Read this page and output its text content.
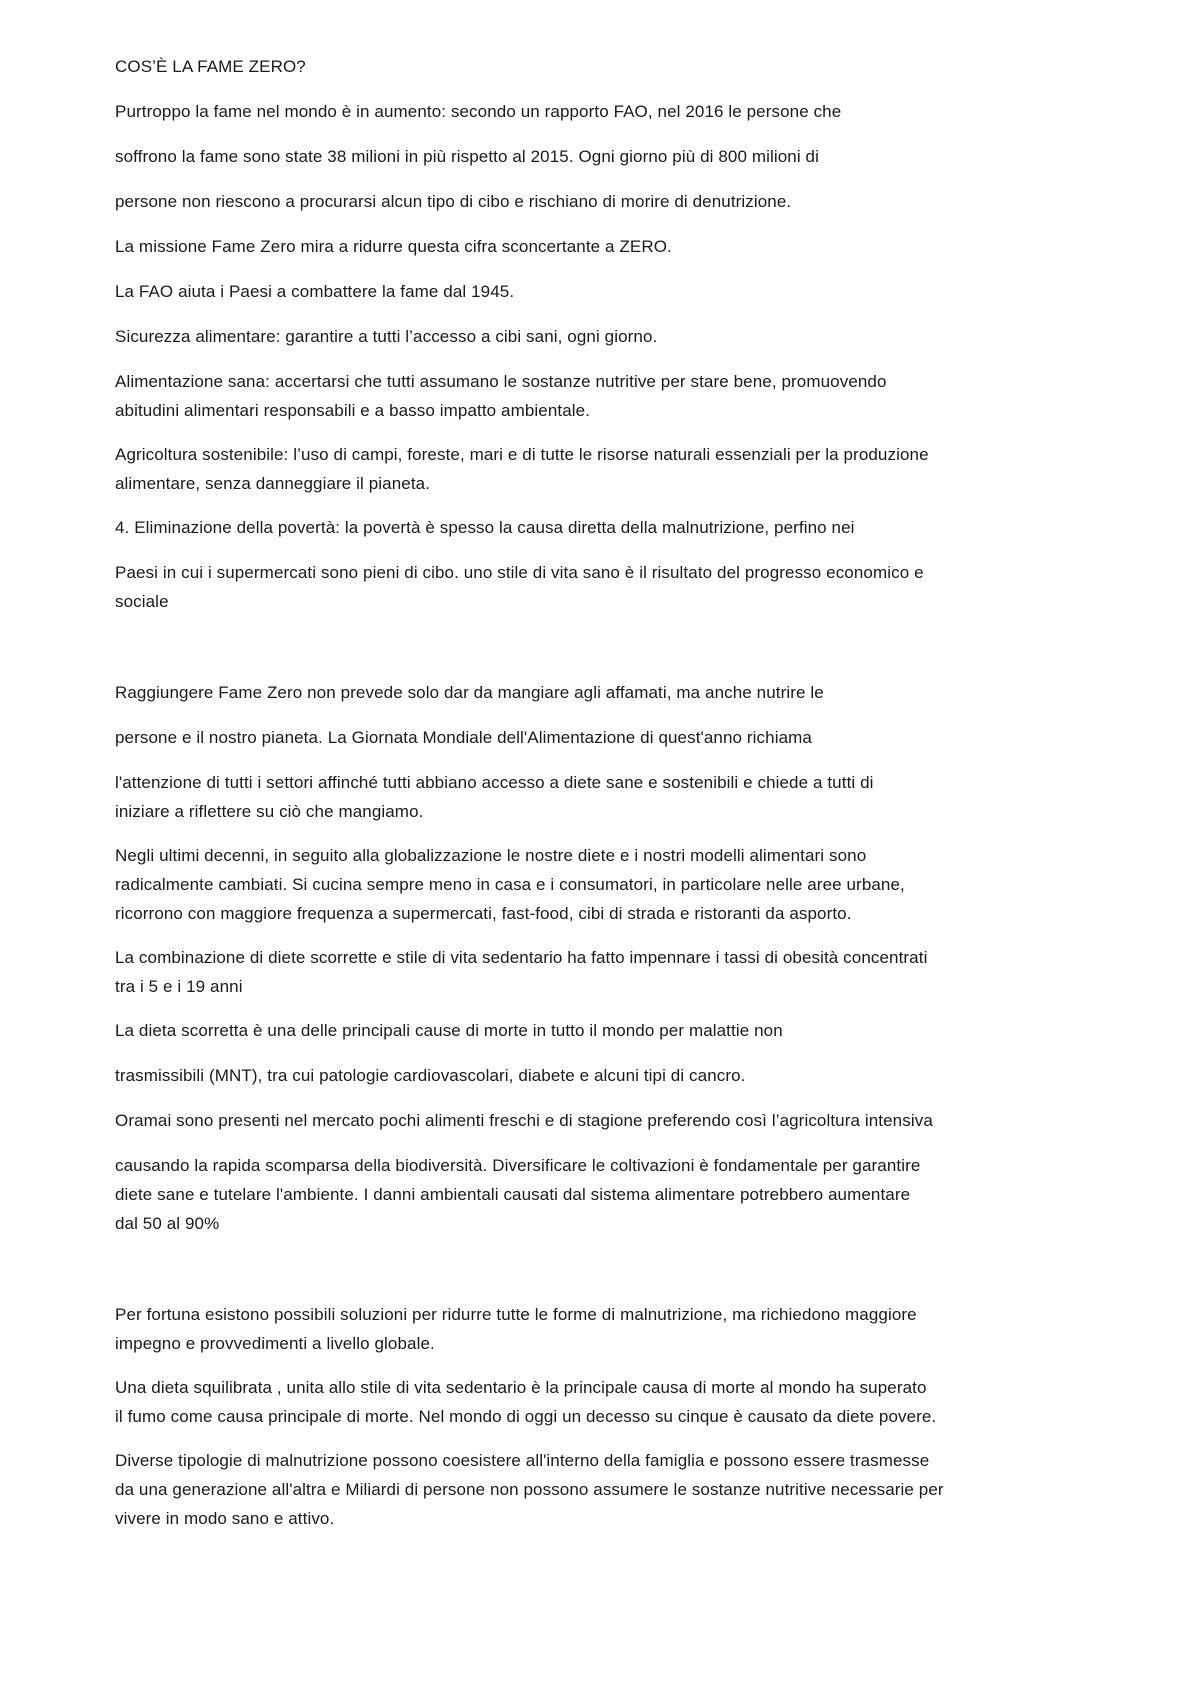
COS’È LA FAME ZERO?

Purtroppo la fame nel mondo è in aumento: secondo un rapporto FAO, nel 2016 le persone che

soffrono la fame sono state 38 milioni in più rispetto al 2015. Ogni giorno più di 800 milioni di

persone non riescono a procurarsi alcun tipo di cibo e rischiano di morire di denutrizione.

La missione Fame Zero mira a ridurre questa cifra sconcertante a ZERO.

La FAO aiuta i Paesi a combattere la fame dal 1945.

Sicurezza alimentare: garantire a tutti l’accesso a cibi sani, ogni giorno.

Alimentazione sana: accertarsi che tutti assumano le sostanze nutritive per stare bene, promuovendo

abitudini alimentari responsabili e a basso impatto ambientale.

Agricoltura sostenibile: l’uso di campi, foreste, mari e di tutte le risorse naturali essenziali per la produzione

alimentare, senza danneggiare il pianeta.

4. Eliminazione della povertà: la povertà è spesso la causa diretta della malnutrizione, perfino nei

Paesi in cui i supermercati sono pieni di cibo. uno stile di vita sano è il risultato del progresso economico e

sociale

Raggiungere Fame Zero non prevede solo dar da mangiare agli affamati, ma anche nutrire le

persone e il nostro pianeta. La Giornata Mondiale dell'Alimentazione di quest'anno richiama

l'attenzione di tutti i settori affinché tutti abbiano accesso a diete sane e sostenibili e chiede a tutti di

iniziare a riflettere su ciò che mangiamo.

Negli ultimi decenni, in seguito alla globalizzazione le nostre diete e i nostri modelli alimentari sono

radicalmente cambiati. Si cucina sempre meno in casa e i consumatori, in particolare nelle aree urbane,

ricorrono con maggiore frequenza a supermercati, fast-food, cibi di strada e ristoranti da asporto.

La combinazione di diete scorrette e stile di vita sedentario ha fatto impennare i tassi di obesità concentrati

tra i 5 e i 19 anni

La dieta scorretta è una delle principali cause di morte in tutto il mondo per malattie non

trasmissibili (MNT), tra cui patologie cardiovascolari, diabete e alcuni tipi di cancro.

Oramai sono presenti nel mercato pochi alimenti freschi e di stagione preferendo così l’agricoltura intensiva

causando la rapida scomparsa della biodiversità. Diversificare le coltivazioni è fondamentale per garantire

diete sane e tutelare l'ambiente. I danni ambientali causati dal sistema alimentare potrebbero aumentare

dal 50 al 90%

Per fortuna esistono possibili soluzioni per ridurre tutte le forme di malnutrizione, ma richiedono maggiore

impegno e provvedimenti a livello globale.

Una dieta squilibrata , unita allo stile di vita sedentario è la principale causa di morte al mondo ha superato

il fumo come causa principale di morte. Nel mondo di oggi un decesso su cinque è causato da diete povere.

Diverse tipologie di malnutrizione possono coesistere all'interno della famiglia e possono essere trasmesse

da una generazione all'altra e Miliardi di persone non possono assumere le sostanze nutritive necessarie per

vivere in modo sano e attivo.
